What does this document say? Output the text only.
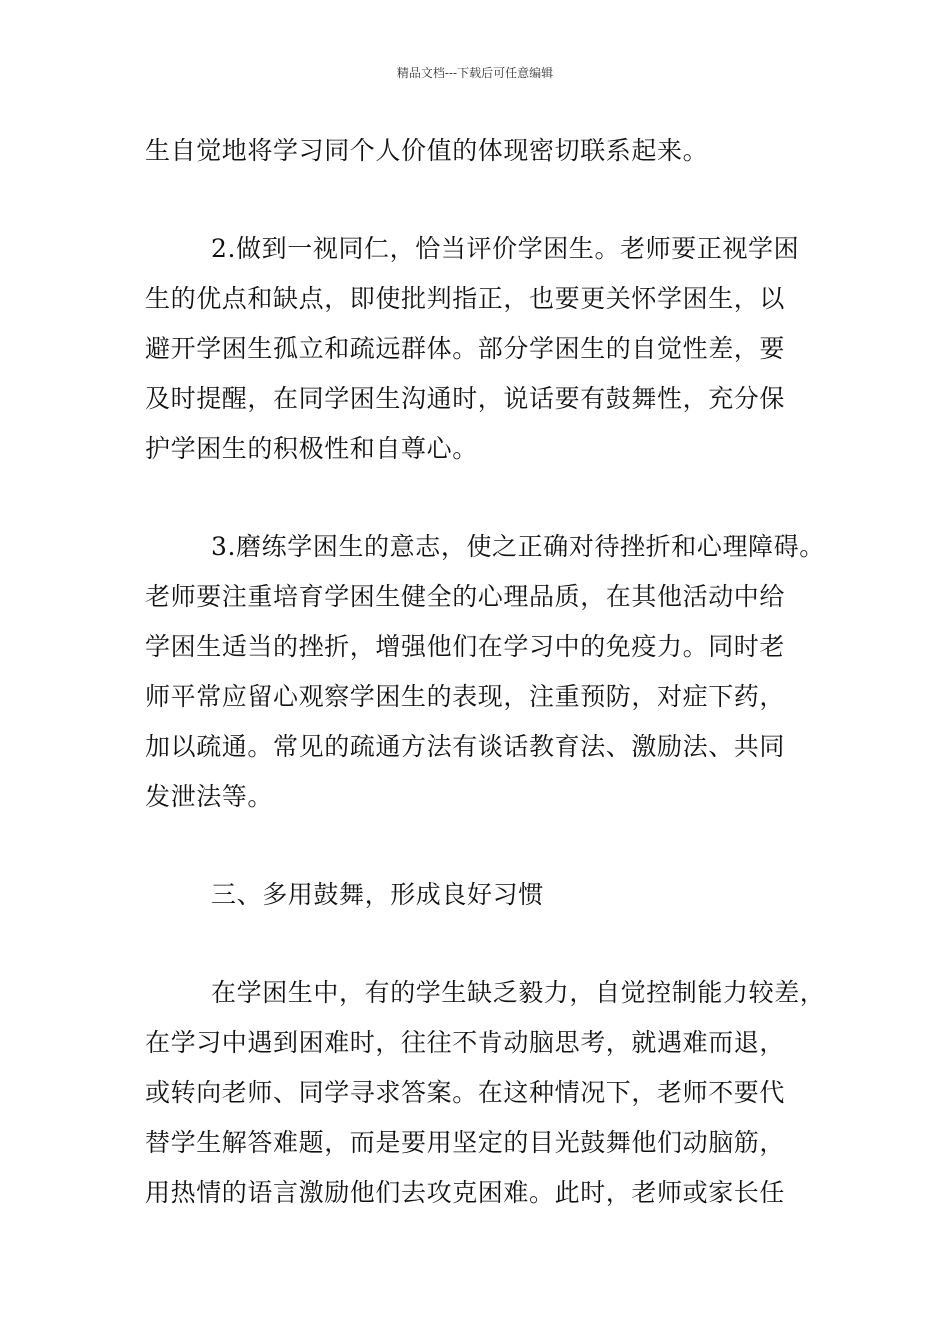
精品文档---下载后可任意编辑
生自觉地将学习同个人价值的体现密切联系起来。
2.做到一视同仁，恰当评价学困生。老师要正视学困
生的优点和缺点，即使批判指正，也要更关怀学困生，以
避开学困生孤立和疏远群体。部分学困生的自觉性差，要
及时提醒，在同学困生沟通时，说话要有鼓舞性，充分保
护学困生的积极性和自尊心。
3.磨练学困生的意志，使之正确对待挫折和心理障碍。
老师要注重培育学困生健全的心理品质，在其他活动中给
学困生适当的挫折，增强他们在学习中的免疫力。同时老
师平常应留心观察学困生的表现，注重预防，对症下药，
加以疏通。常见的疏通方法有谈话教育法、激励法、共同
发泄法等。
三、多用鼓舞，形成良好习惯
在学困生中，有的学生缺乏毅力，自觉控制能力较差，
在学习中遇到困难时，往往不肯动脑思考，就遇难而退，
或转向老师、同学寻求答案。在这种情况下，老师不要代
替学生解答难题，而是要用坚定的目光鼓舞他们动脑筋，
用热情的语言激励他们去攻克困难。此时，老师或家长任
